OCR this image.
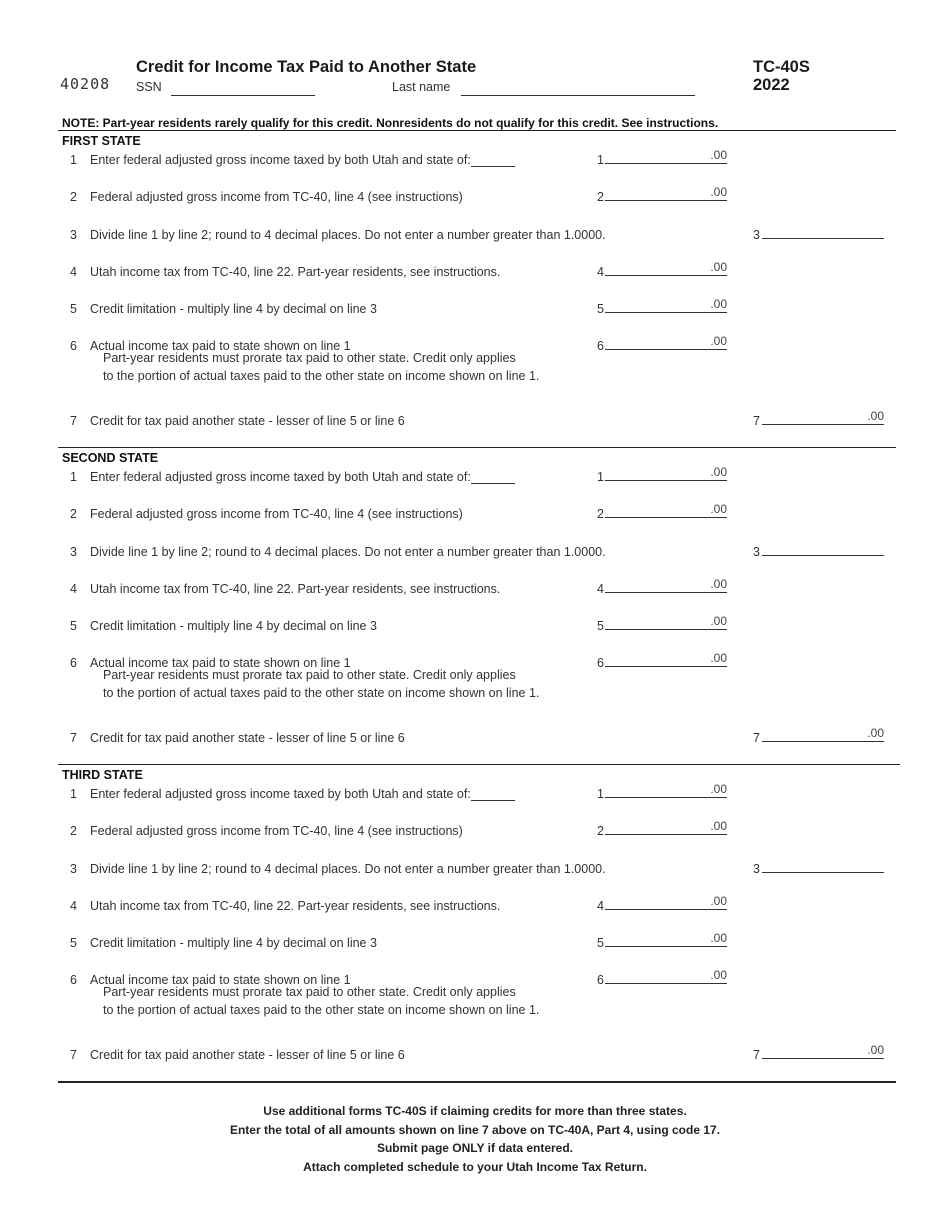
40208
Credit for Income Tax Paid to Another State	TC-40S
2022
SSN	Last name
NOTE: Part-year residents rarely qualify for this credit. Nonresidents do not qualify for this credit. See instructions.
FIRST STATE
1 Enter federal adjusted gross income taxed by both Utah and state of:	1	.00
2 Federal adjusted gross income from TC-40, line 4 (see instructions)	2	.00
3 Divide line 1 by line 2; round to 4 decimal places. Do not enter a number greater than 1.0000.	3
4 Utah income tax from TC-40, line 22. Part-year residents, see instructions.	4	.00
5 Credit limitation - multiply line 4 by decimal on line 3	5	.00
6 Actual income tax paid to state shown on line 1
Part-year residents must prorate tax paid to other state. Credit only applies
to the portion of actual taxes paid to the other state on income shown on line 1.
6	.00
7 Credit for tax paid another state - lesser of line 5 or line 6	7	.00
SECOND STATE
1 Enter federal adjusted gross income taxed by both Utah and state of:	1	.00
2 Federal adjusted gross income from TC-40, line 4 (see instructions)	2	.00
3 Divide line 1 by line 2; round to 4 decimal places. Do not enter a number greater than 1.0000.	3
4 Utah income tax from TC-40, line 22. Part-year residents, see instructions.	4	.00
5 Credit limitation - multiply line 4 by decimal on line 3	5	.00
6 Actual income tax paid to state shown on line 1
Part-year residents must prorate tax paid to other state. Credit only applies
to the portion of actual taxes paid to the other state on income shown on line 1.
6	.00
7 Credit for tax paid another state - lesser of line 5 or line 6	7	.00
THIRD STATE
1 Enter federal adjusted gross income taxed by both Utah and state of:	1	.00
2 Federal adjusted gross income from TC-40, line 4 (see instructions)	2	.00
3 Divide line 1 by line 2; round to 4 decimal places. Do not enter a number greater than 1.0000.	3
4 Utah income tax from TC-40, line 22. Part-year residents, see instructions.	4	.00
5 Credit limitation - multiply line 4 by decimal on line 3	5	.00
6 Actual income tax paid to state shown on line 1
Part-year residents must prorate tax paid to other state. Credit only applies
to the portion of actual taxes paid to the other state on income shown on line 1.
6	.00
7 Credit for tax paid another state - lesser of line 5 or line 6	7	.00
Use additional forms TC-40S if claiming credits for more than three states.
Enter the total of all amounts shown on line 7 above on TC-40A, Part 4, using code 17.
Submit page ONLY if data entered.
Attach completed schedule to your Utah Income Tax Return.
